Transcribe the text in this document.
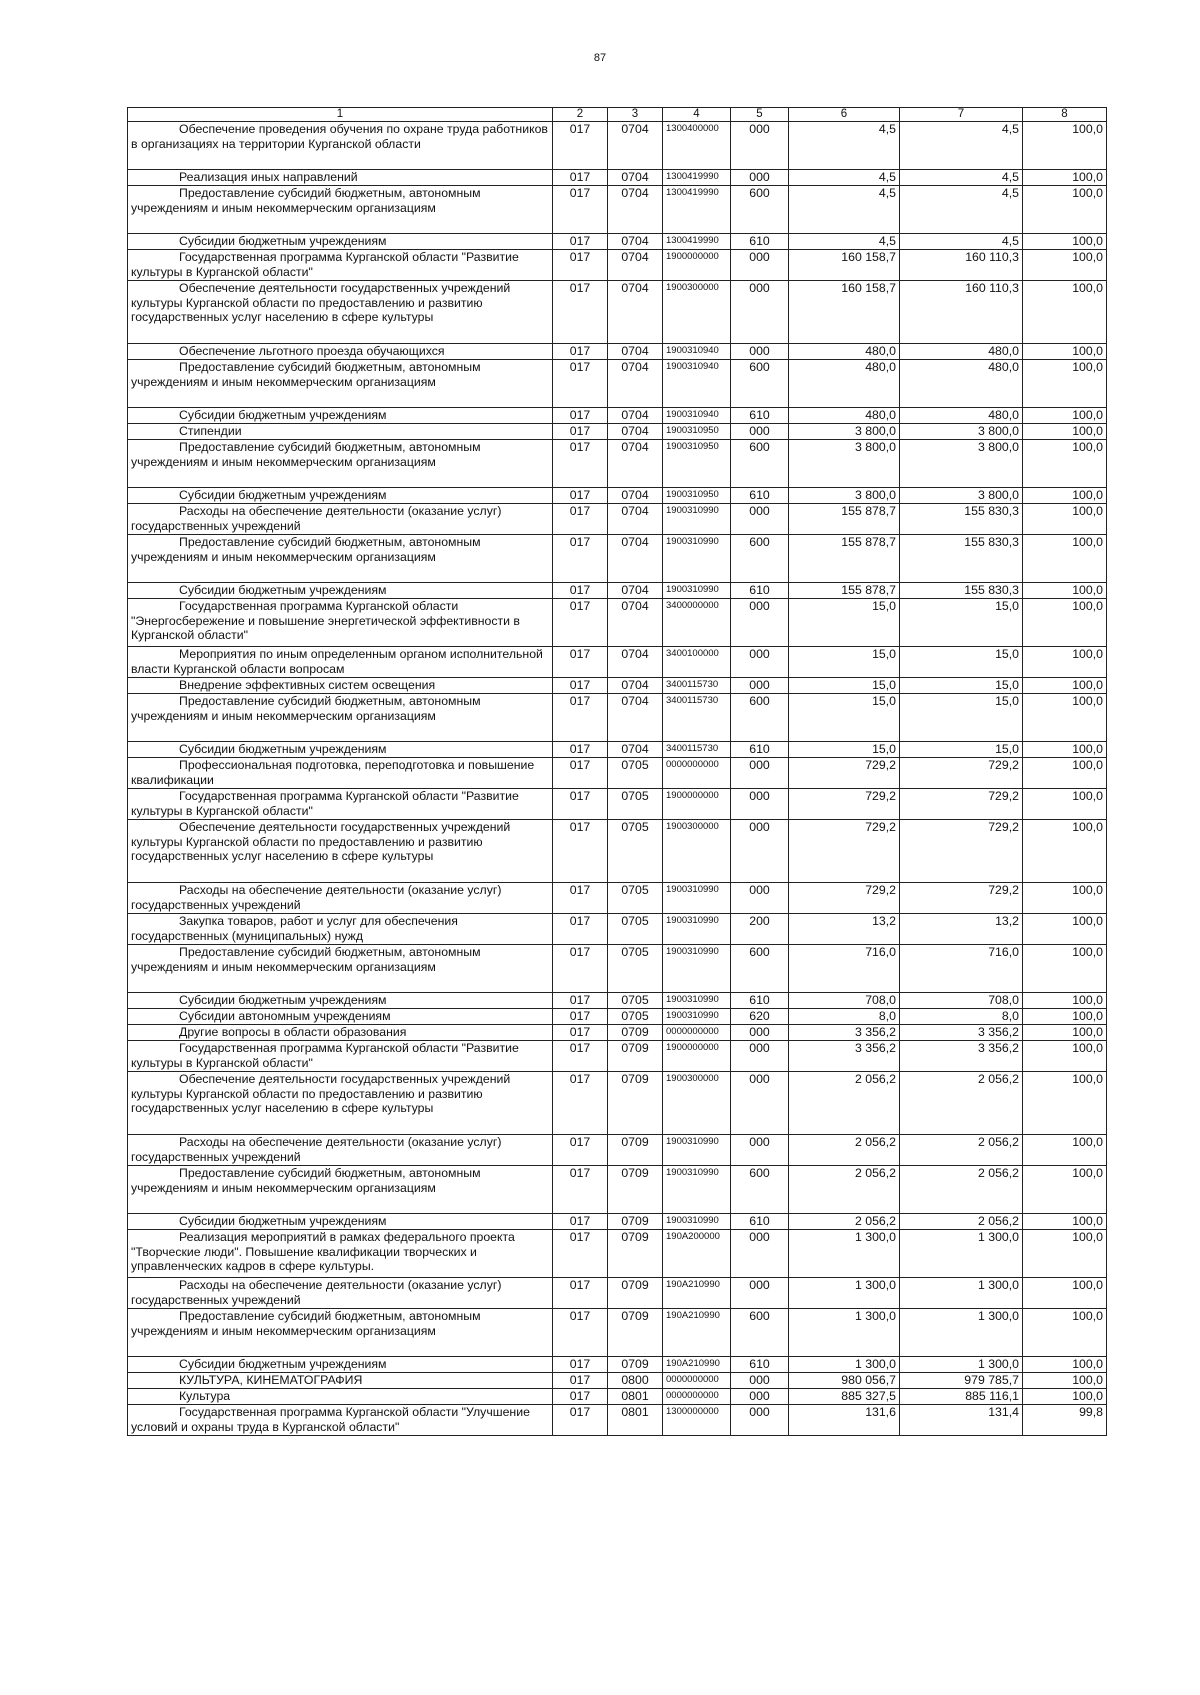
87
1	2	3	4	5	6	7	8
Обеспечение проведения обучения по охране труда работников в организациях на территории Курганской области	017	0704	1300400000	000	4,5	4,5	100,0
Реализация иных направлений	017	0704	1300419990	000	4,5	4,5	100,0
Предоставление субсидий бюджетным, автономным учреждениям и иным некоммерческим организациям	017	0704	1300419990	600	4,5	4,5	100,0
Субсидии бюджетным учреждениям	017	0704	1300419990	610	4,5	4,5	100,0
Государственная программа Курганской области "Развитие культуры в Курганской области"	017	0704	1900000000	000	160 158,7	160 110,3	100,0
Обеспечение деятельности государственных учреждений культуры Курганской области по предоставлению и развитию государственных услуг населению в сфере культуры	017	0704	1900300000	000	160 158,7	160 110,3	100,0
Обеспечение льготного проезда обучающихся	017	0704	1900310940	000	480,0	480,0	100,0
Предоставление субсидий бюджетным, автономным учреждениям и иным некоммерческим организациям	017	0704	1900310940	600	480,0	480,0	100,0
Субсидии бюджетным учреждениям	017	0704	1900310940	610	480,0	480,0	100,0
Стипендии	017	0704	1900310950	000	3 800,0	3 800,0	100,0
Предоставление субсидий бюджетным, автономным учреждениям и иным некоммерческим организациям	017	0704	1900310950	600	3 800,0	3 800,0	100,0
Субсидии бюджетным учреждениям	017	0704	1900310950	610	3 800,0	3 800,0	100,0
Расходы на обеспечение деятельности (оказание услуг) государственных учреждений	017	0704	1900310990	000	155 878,7	155 830,3	100,0
Предоставление субсидий бюджетным, автономным учреждениям и иным некоммерческим организациям	017	0704	1900310990	600	155 878,7	155 830,3	100,0
Субсидии бюджетным учреждениям	017	0704	1900310990	610	155 878,7	155 830,3	100,0
Государственная программа Курганской области "Энергосбережение и повышение энергетической эффективности в Курганской области"	017	0704	3400000000	000	15,0	15,0	100,0
Мероприятия по иным определенным органом исполнительной власти Курганской области вопросам	017	0704	3400100000	000	15,0	15,0	100,0
Внедрение эффективных систем освещения	017	0704	3400115730	000	15,0	15,0	100,0
Предоставление субсидий бюджетным, автономным учреждениям и иным некоммерческим организациям	017	0704	3400115730	600	15,0	15,0	100,0
Субсидии бюджетным учреждениям	017	0704	3400115730	610	15,0	15,0	100,0
Профессиональная подготовка, переподготовка и повышение квалификации	017	0705	0000000000	000	729,2	729,2	100,0
Государственная программа Курганской области "Развитие культуры в Курганской области"	017	0705	1900000000	000	729,2	729,2	100,0
Обеспечение деятельности государственных учреждений культуры Курганской области по предоставлению и развитию государственных услуг населению в сфере культуры	017	0705	1900300000	000	729,2	729,2	100,0
Расходы на обеспечение деятельности (оказание услуг) государственных учреждений	017	0705	1900310990	000	729,2	729,2	100,0
Закупка товаров, работ и услуг для обеспечения государственных (муниципальных) нужд	017	0705	1900310990	200	13,2	13,2	100,0
Предоставление субсидий бюджетным, автономным учреждениям и иным некоммерческим организациям	017	0705	1900310990	600	716,0	716,0	100,0
Субсидии бюджетным учреждениям	017	0705	1900310990	610	708,0	708,0	100,0
Субсидии автономным учреждениям	017	0705	1900310990	620	8,0	8,0	100,0
Другие вопросы в области образования	017	0709	0000000000	000	3 356,2	3 356,2	100,0
Государственная программа Курганской области "Развитие культуры в Курганской области"	017	0709	1900000000	000	3 356,2	3 356,2	100,0
Обеспечение деятельности государственных учреждений культуры Курганской области по предоставлению и развитию государственных услуг населению в сфере культуры	017	0709	1900300000	000	2 056,2	2 056,2	100,0
Расходы на обеспечение деятельности (оказание услуг) государственных учреждений	017	0709	1900310990	000	2 056,2	2 056,2	100,0
Предоставление субсидий бюджетным, автономным учреждениям и иным некоммерческим организациям	017	0709	1900310990	600	2 056,2	2 056,2	100,0
Субсидии бюджетным учреждениям	017	0709	1900310990	610	2 056,2	2 056,2	100,0
Реализация мероприятий в рамках федерального проекта "Творческие люди". Повышение квалификации творческих и управленческих кадров в сфере культуры.	017	0709	190А200000	000	1 300,0	1 300,0	100,0
Расходы на обеспечение деятельности (оказание услуг) государственных учреждений	017	0709	190А210990	000	1 300,0	1 300,0	100,0
Предоставление субсидий бюджетным, автономным учреждениям и иным некоммерческим организациям	017	0709	190А210990	600	1 300,0	1 300,0	100,0
Субсидии бюджетным учреждениям	017	0709	190А210990	610	1 300,0	1 300,0	100,0
КУЛЬТУРА, КИНЕМАТОГРАФИЯ	017	0800	0000000000	000	980 056,7	979 785,7	100,0
Культура	017	0801	0000000000	000	885 327,5	885 116,1	100,0
Государственная программа Курганской области "Улучшение условий и охраны труда в Курганской области"	017	0801	1300000000	000	131,6	131,4	99,8
